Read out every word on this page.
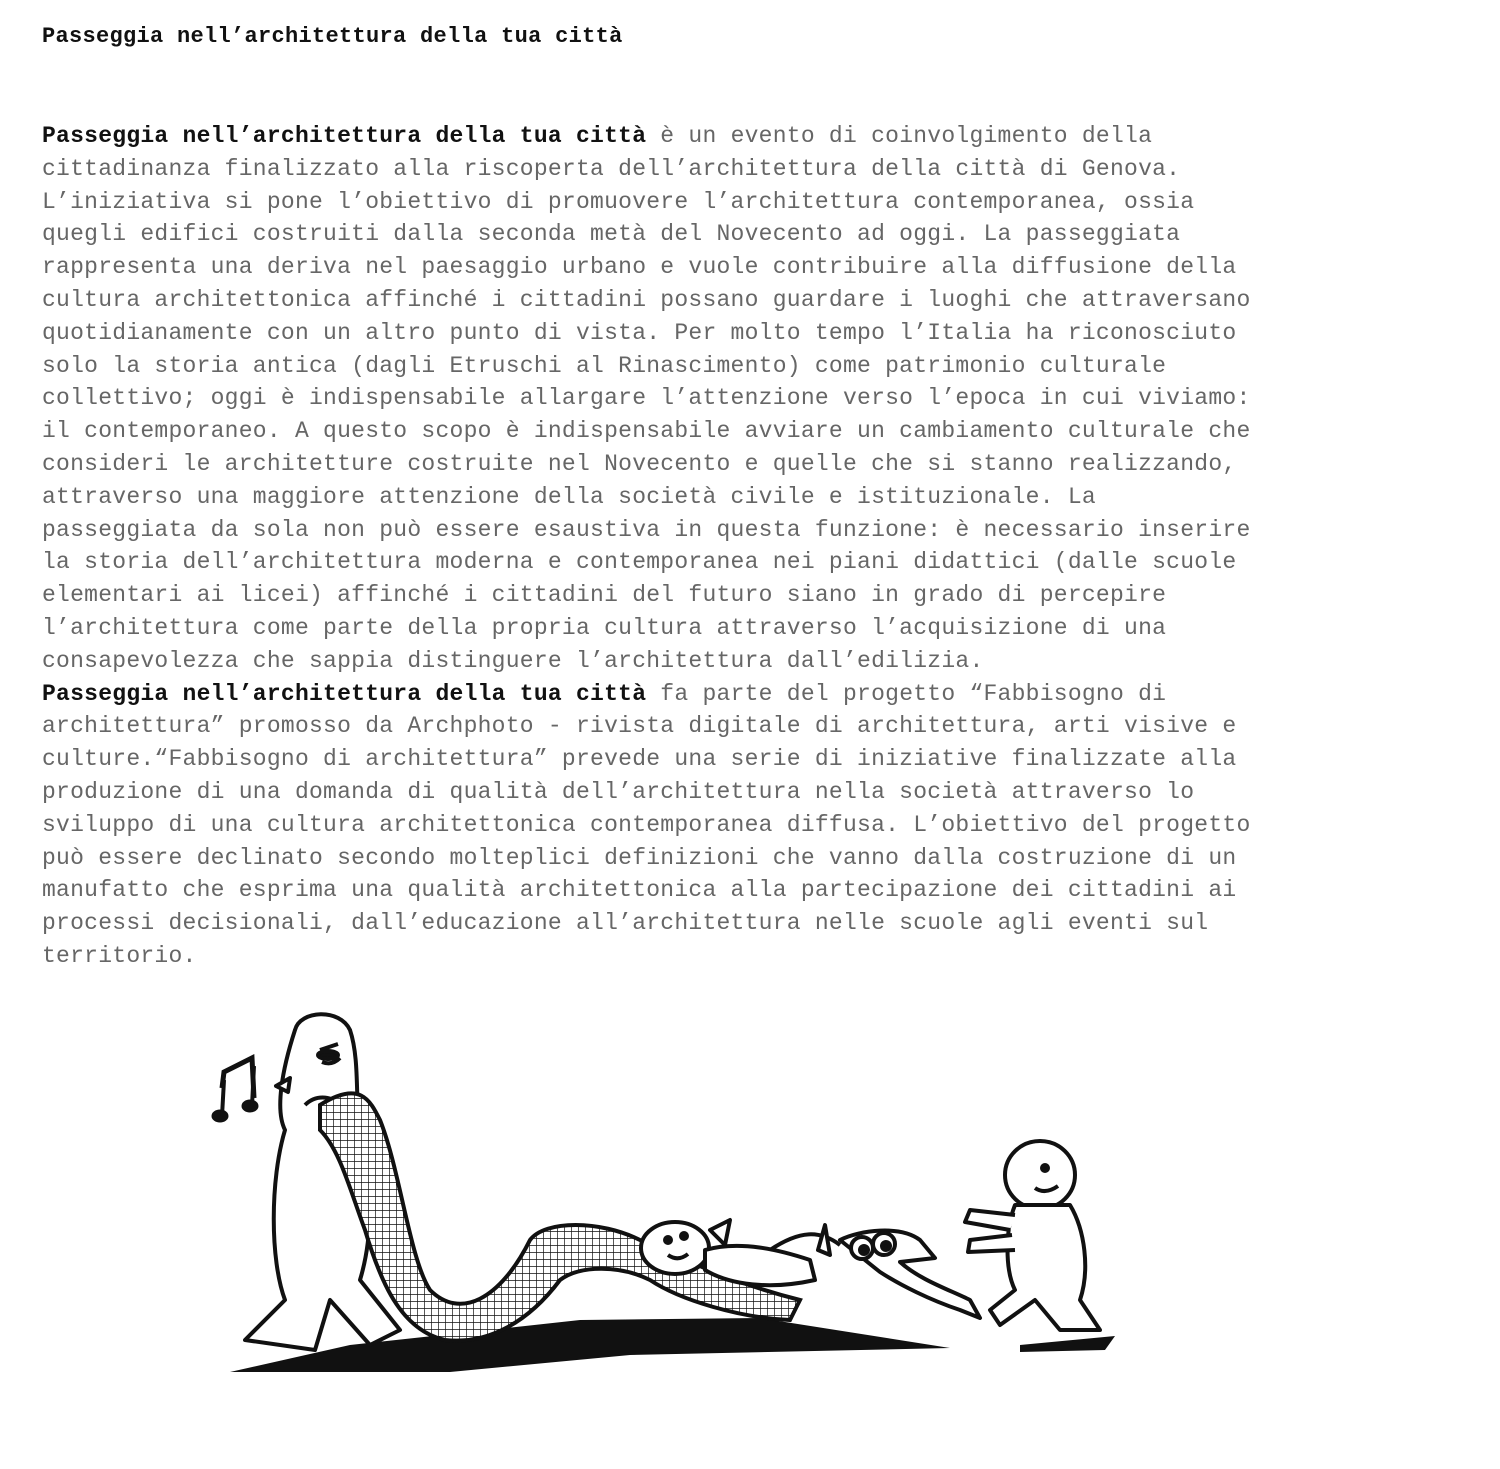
Passeggia nell’architettura della tua città
Passeggia nell’architettura della tua città è un evento di coinvolgimento della
cittadinanza finalizzato alla riscoperta dell’architettura della città di Genova.
L’iniziativa si pone l’obiettivo di promuovere l’architettura contemporanea, ossia
quegli edifici costruiti dalla seconda metà del Novecento ad oggi. La passeggiata
rappresenta una deriva nel paesaggio urbano e vuole contribuire alla diffusione della
cultura architettonica affinché i cittadini possano guardare i luoghi che attraversano
quotidianamente con un altro punto di vista. Per molto tempo l’Italia ha riconosciuto
solo la storia antica (dagli Etruschi al Rinascimento) come patrimonio culturale
collettivo; oggi è indispensabile allargare l’attenzione verso l’epoca in cui viviamo:
il contemporaneo. A questo scopo è indispensabile avviare un cambiamento culturale che
consideri le architetture costruite nel Novecento e quelle che si stanno realizzando,
attraverso una maggiore attenzione della società civile e istituzionale. La
passeggiata da sola non può essere esaustiva in questa funzione: è necessario inserire
la storia dell’architettura moderna e contemporanea nei piani didattici (dalle scuole
elementari ai licei) affinché i cittadini del futuro siano in grado di percepire
l’architettura come parte della propria cultura attraverso l’acquisizione di una
consapevolezza che sappia distinguere l’architettura dall’edilizia.
Passeggia nell’architettura della tua città fa parte del progetto “Fabbisogno di
architettura” promosso da Archphoto - rivista digitale di architettura, arti visive e
culture.“Fabbisogno di architettura” prevede una serie di iniziative finalizzate alla
produzione di una domanda di qualità dell’architettura nella società attraverso lo
sviluppo di una cultura architettonica contemporanea diffusa. L’obiettivo del progetto
può essere declinato secondo molteplici definizioni che vanno dalla costruzione di un
manufatto che esprima una qualità architettonica alla partecipazione dei cittadini ai
processi decisionali, dall’educazione all’architettura nelle scuole agli eventi sul
territorio.
